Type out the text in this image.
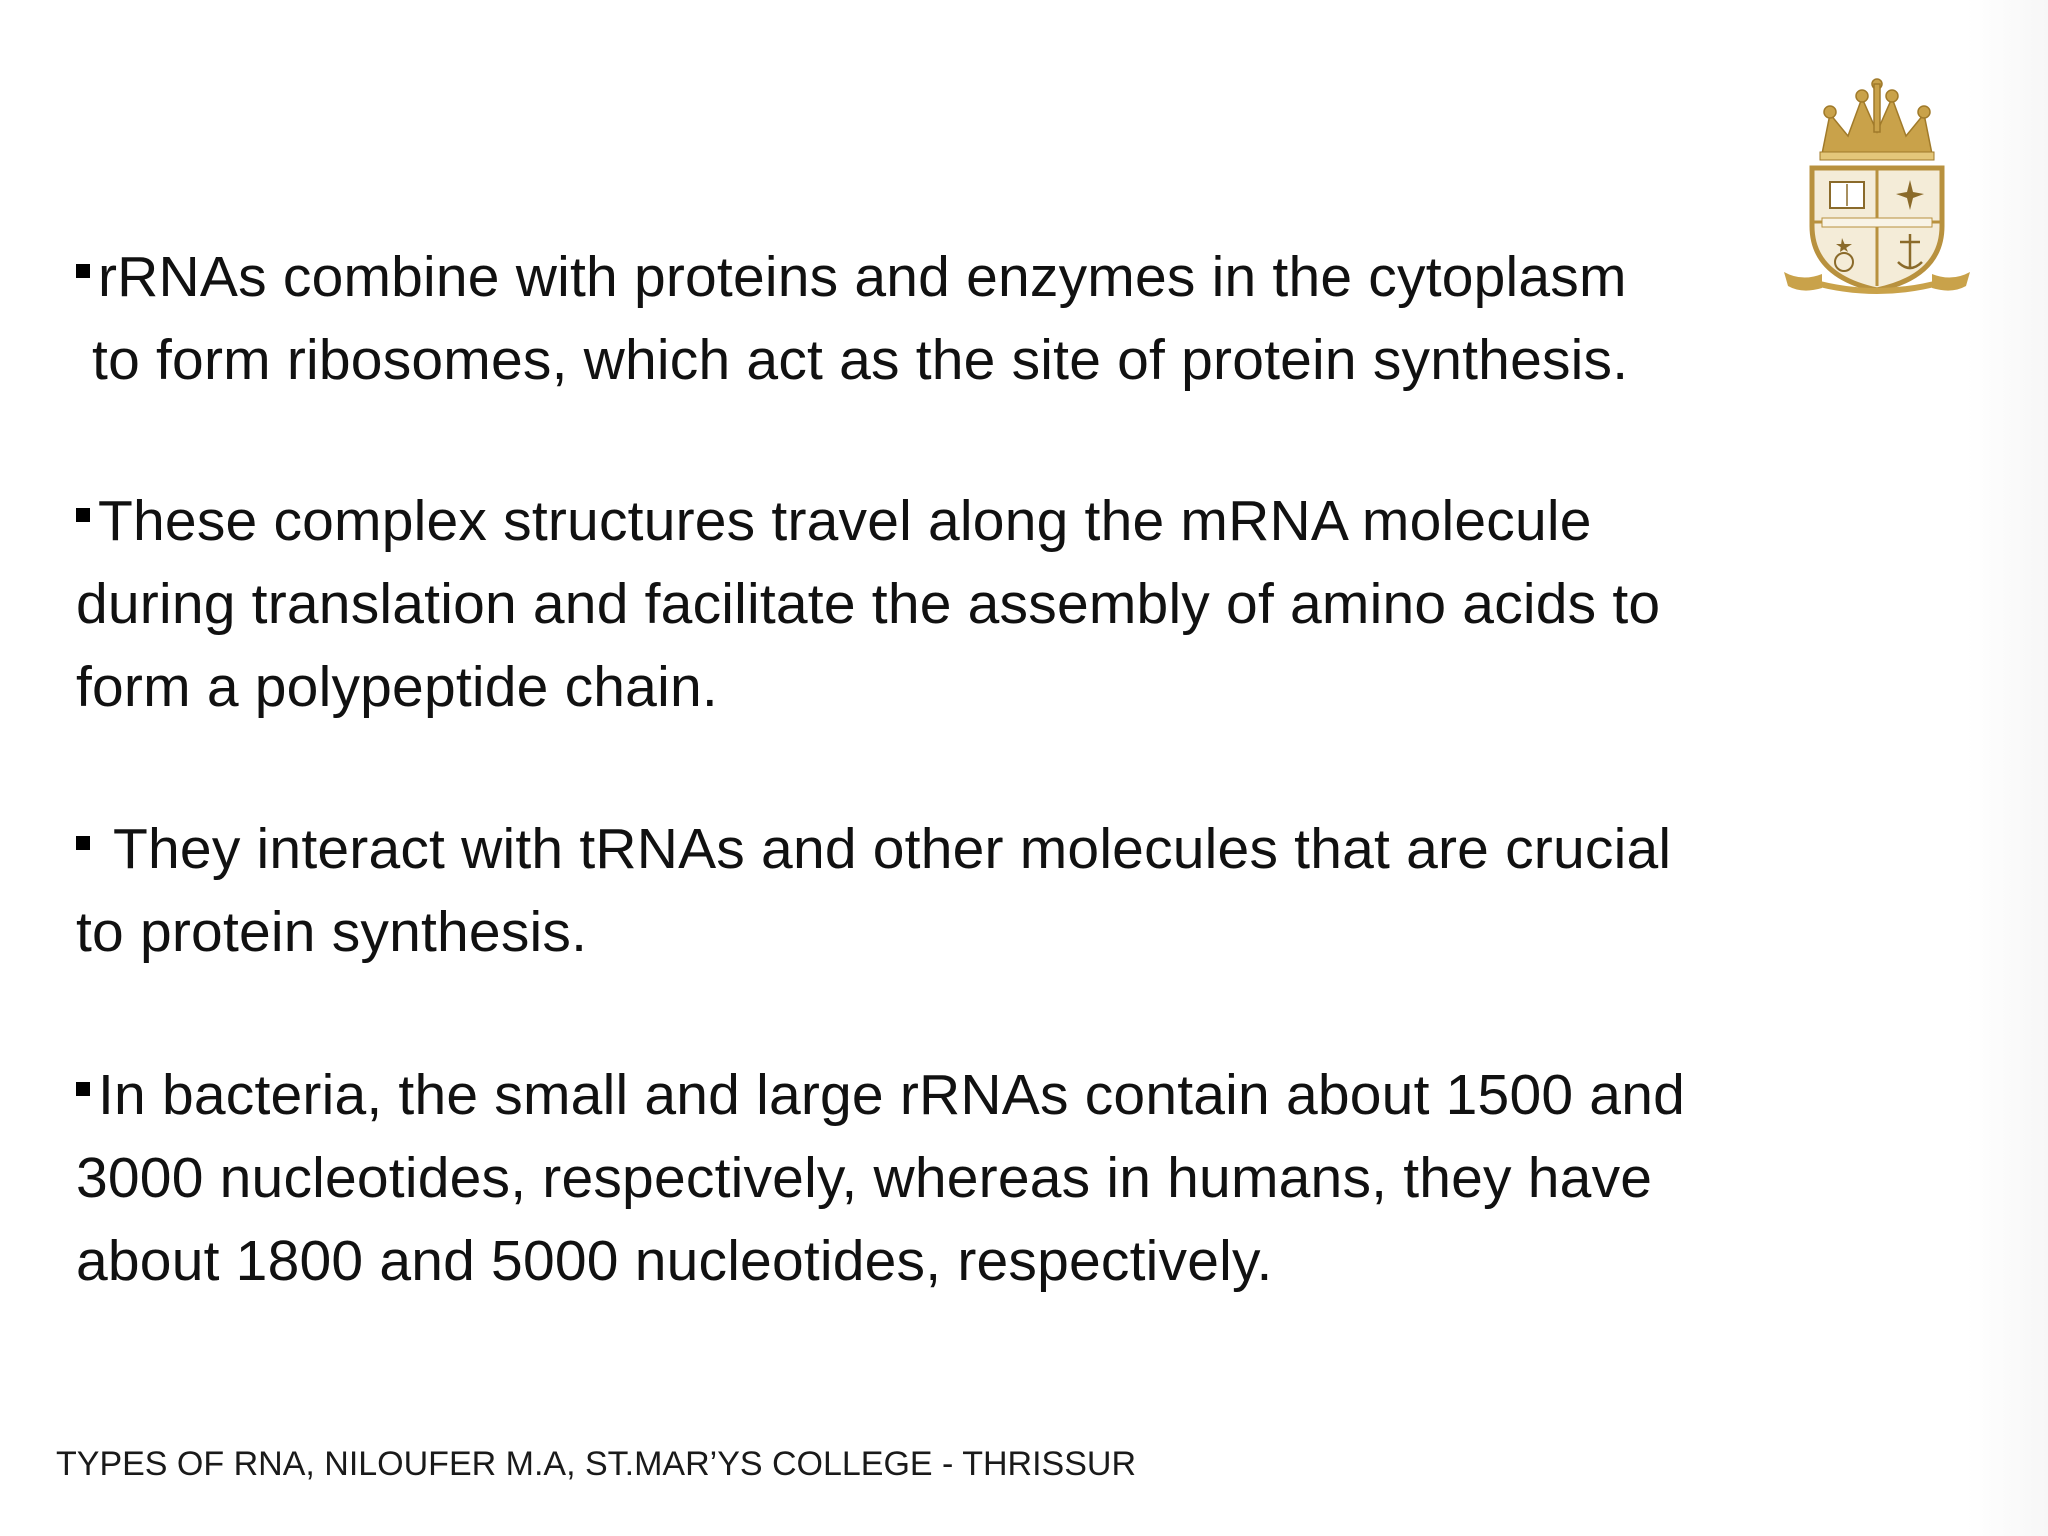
rRNAs combine with proteins and enzymes in the cytoplasm
to form ribosomes, which act as the site of protein synthesis.
These complex structures travel along the mRNA molecule
during translation and facilitate the assembly of amino acids to
form a polypeptide chain.
They interact with tRNAs and other molecules that are crucial
to protein synthesis.
In bacteria, the small and large rRNAs contain about 1500 and
3000 nucleotides, respectively, whereas in humans, they have
about 1800 and 5000 nucleotides, respectively.
TYPES OF RNA, NILOUFER M.A, ST.MAR’YS COLLEGE - THRISSUR
